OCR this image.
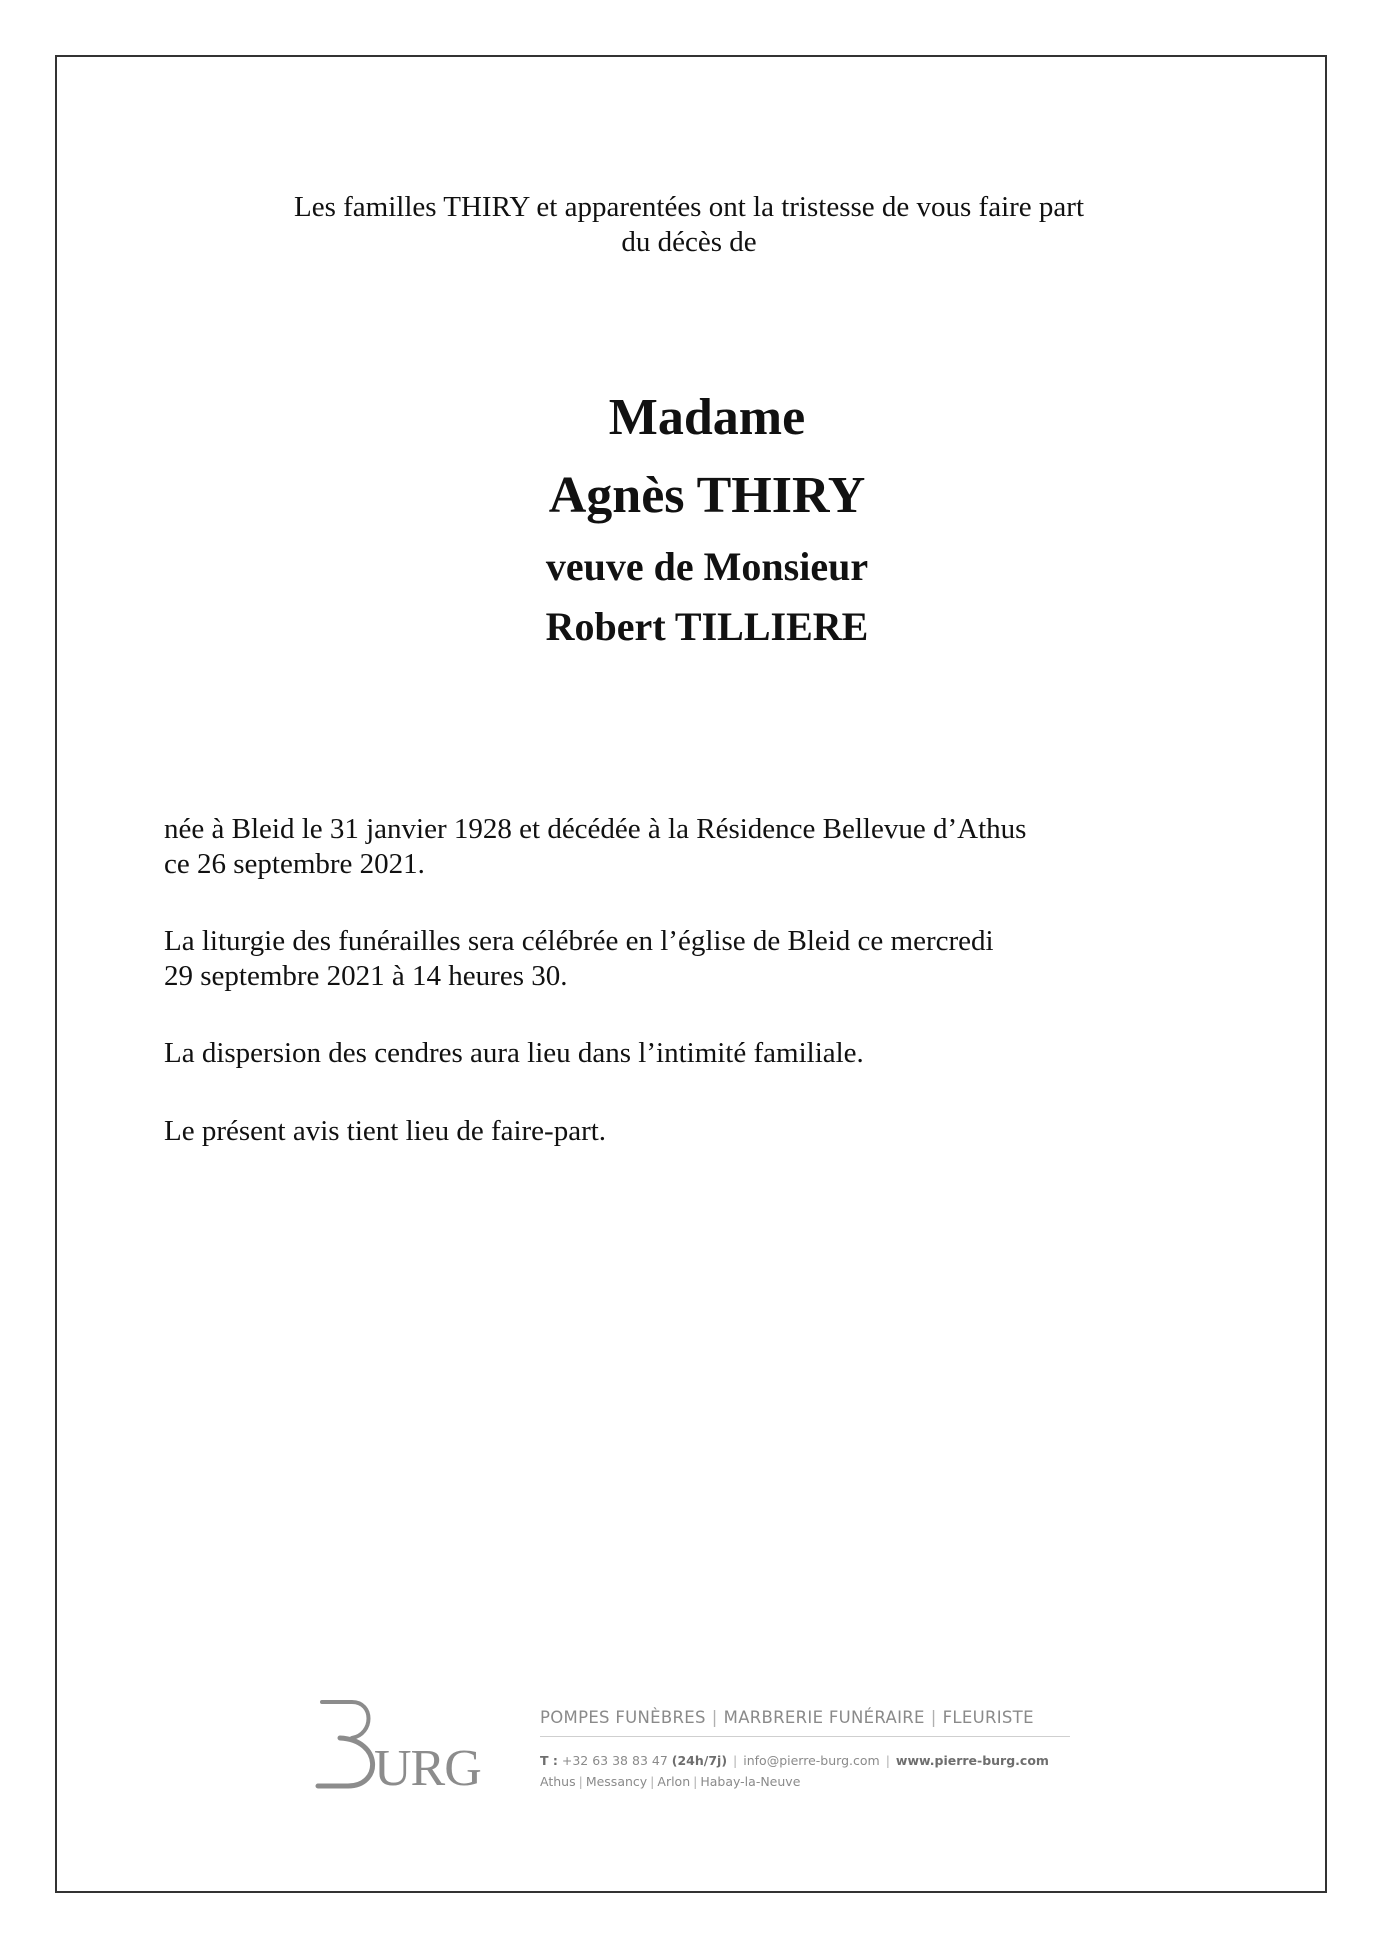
Les familles THIRY et apparentées ont la tristesse de vous faire part
du décès de
Madame
Agnès THIRY
veuve de Monsieur
Robert TILLIERE
née à Bleid le 31 janvier 1928 et décédée à la Résidence Bellevue d’Athus
ce 26 septembre 2021.
La liturgie des funérailles sera célébrée en l’église de Bleid ce mercredi
29 septembre 2021 à 14 heures 30.
La dispersion des cendres aura lieu dans l’intimité familiale.
Le présent avis tient lieu de faire-part.
URG
POMPES FUNÈBRES | MARBRERIE FUNÉRAIRE | FLEURISTE
T : +32 63 38 83 47 (24h/7j) | info@pierre-burg.com | www.pierre-burg.com
Athus | Messancy | Arlon | Habay-la-Neuve
